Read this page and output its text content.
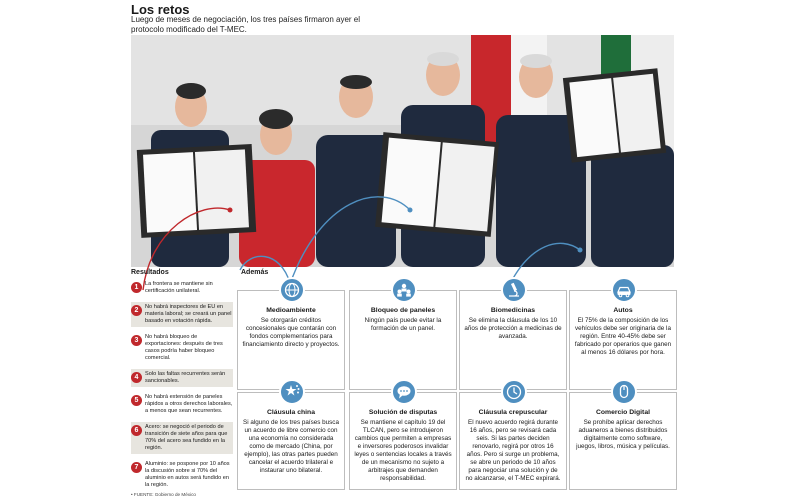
Los retos
Luego de meses de negociación, los tres países firmaron ayer el protocolo modificado del T-MEC.
Resultados	Además
1	La frontera se mantiene sin certificación unilateral.
2	No habrá inspectores de EU en materia laboral; se creará un panel basado en votación rápida.
3	No habrá bloqueo de exportaciones: después de tres casos podría haber bloqueo comercial.
4	Solo las faltas recurrentes serán sancionables.
5	No habrá extensión de paneles rápidos a otros derechos laborales, a menos que sean recurrentes.
6	Acero: se negoció el periodo de transición de siete años para que 70% del acero sea fundido en la región.
7	Aluminio: se pospone por 10 años la discusión sobre si 70% del aluminio en autos será fundido en la región.
Medioambiente
Se otorgarán créditos concesionales que contarán con fondos complementarios para financiamiento directo y proyectos.
Bloqueo de paneles
Ningún país puede evitar la formación de un panel.
Biomedicinas
Se elimina la cláusula de los 10 años de protección a medicinas de avanzada.
Autos
El 75% de la composición de los vehículos debe ser originaria de la región. Entre 40-45% debe ser fabricado por operarios que ganen al menos 16 dólares por hora.
Cláusula china
Si alguno de los tres países busca un acuerdo de libre comercio con una economía no considerada como de mercado (China, por ejemplo), las otras partes pueden cancelar el acuerdo trilateral e instaurar uno bilateral.
Solución de disputas
Se mantiene el capítulo 19 del TLCAN, pero se introdujeron cambios que permiten a empresas e inversores poderosos invalidar leyes o sentencias locales a través de un mecanismo no sujeto a arbitrajes que demanden responsabilidad.
Cláusula crepuscular
El nuevo acuerdo regirá durante 16 años, pero se revisará cada seis. Si las partes deciden renovarlo, regirá por otros 16 años. Pero si surge un problema, se abre un periodo de 10 años para negociar una solución y de no alcanzarse, el T-MEC expirará.
Comercio Digital
Se prohíbe aplicar derechos aduaneros a bienes distribuidos digitalmente como software, juegos, libros, música y películas.
• FUENTE: Gobierno de México
